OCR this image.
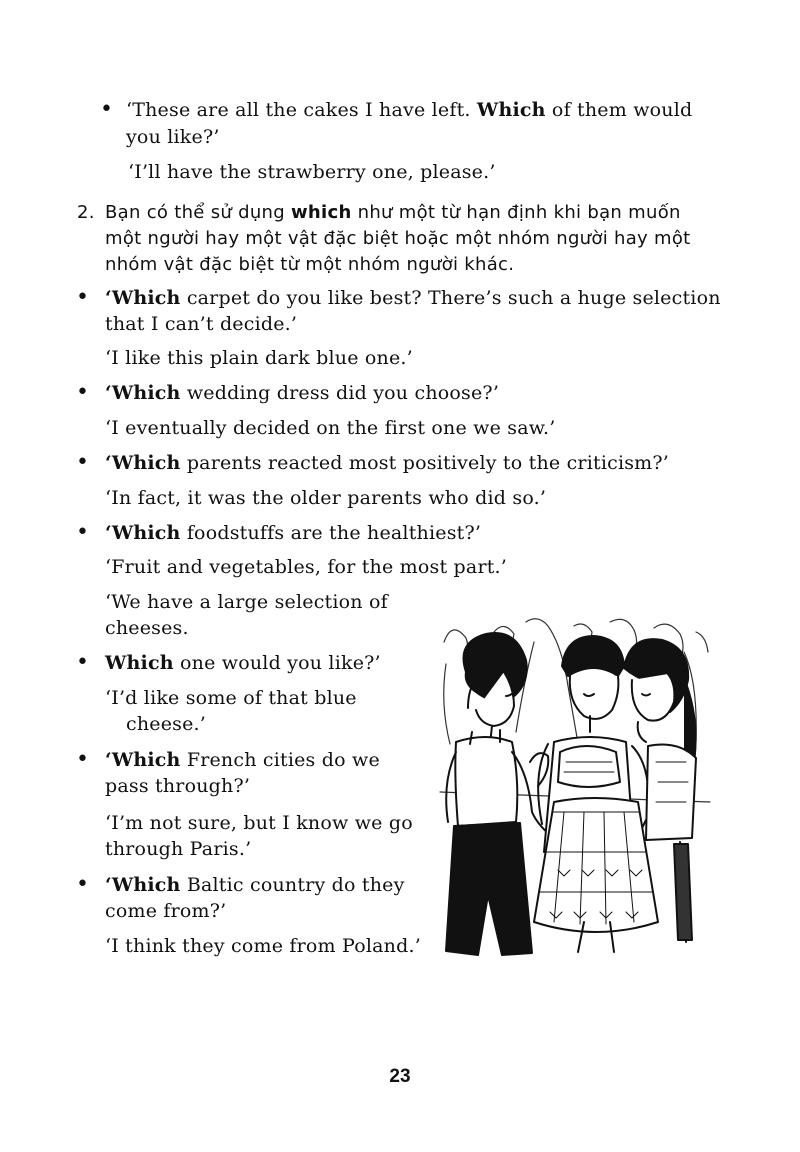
• ‘These are all the cakes I have left. Which of them would
you like?’
‘I’ll have the strawberry one, please.’
2. Bạn có thể sử dụng which như một từ hạn định khi bạn muốn
một người hay một vật đặc biệt hoặc một nhóm người hay một
nhóm vật đặc biệt từ một nhóm người khác.
• ‘Which carpet do you like best? There’s such a huge selection
that I can’t decide.’
‘I like this plain dark blue one.’
• ‘Which wedding dress did you choose?’
‘I eventually decided on the first one we saw.’
• ‘Which parents reacted most positively to the criticism?’
‘In fact, it was the older parents who did so.’
• ‘Which foodstuffs are the healthiest?’
‘Fruit and vegetables, for the most part.’
‘We have a large selection of
cheeses.
• Which one would you like?’
‘I’d like some of that blue
cheese.’
• ‘Which French cities do we
pass through?’
‘I’m not sure, but I know we go
through Paris.’
• ‘Which Baltic country do they
come from?’
‘I think they come from Poland.’
23
